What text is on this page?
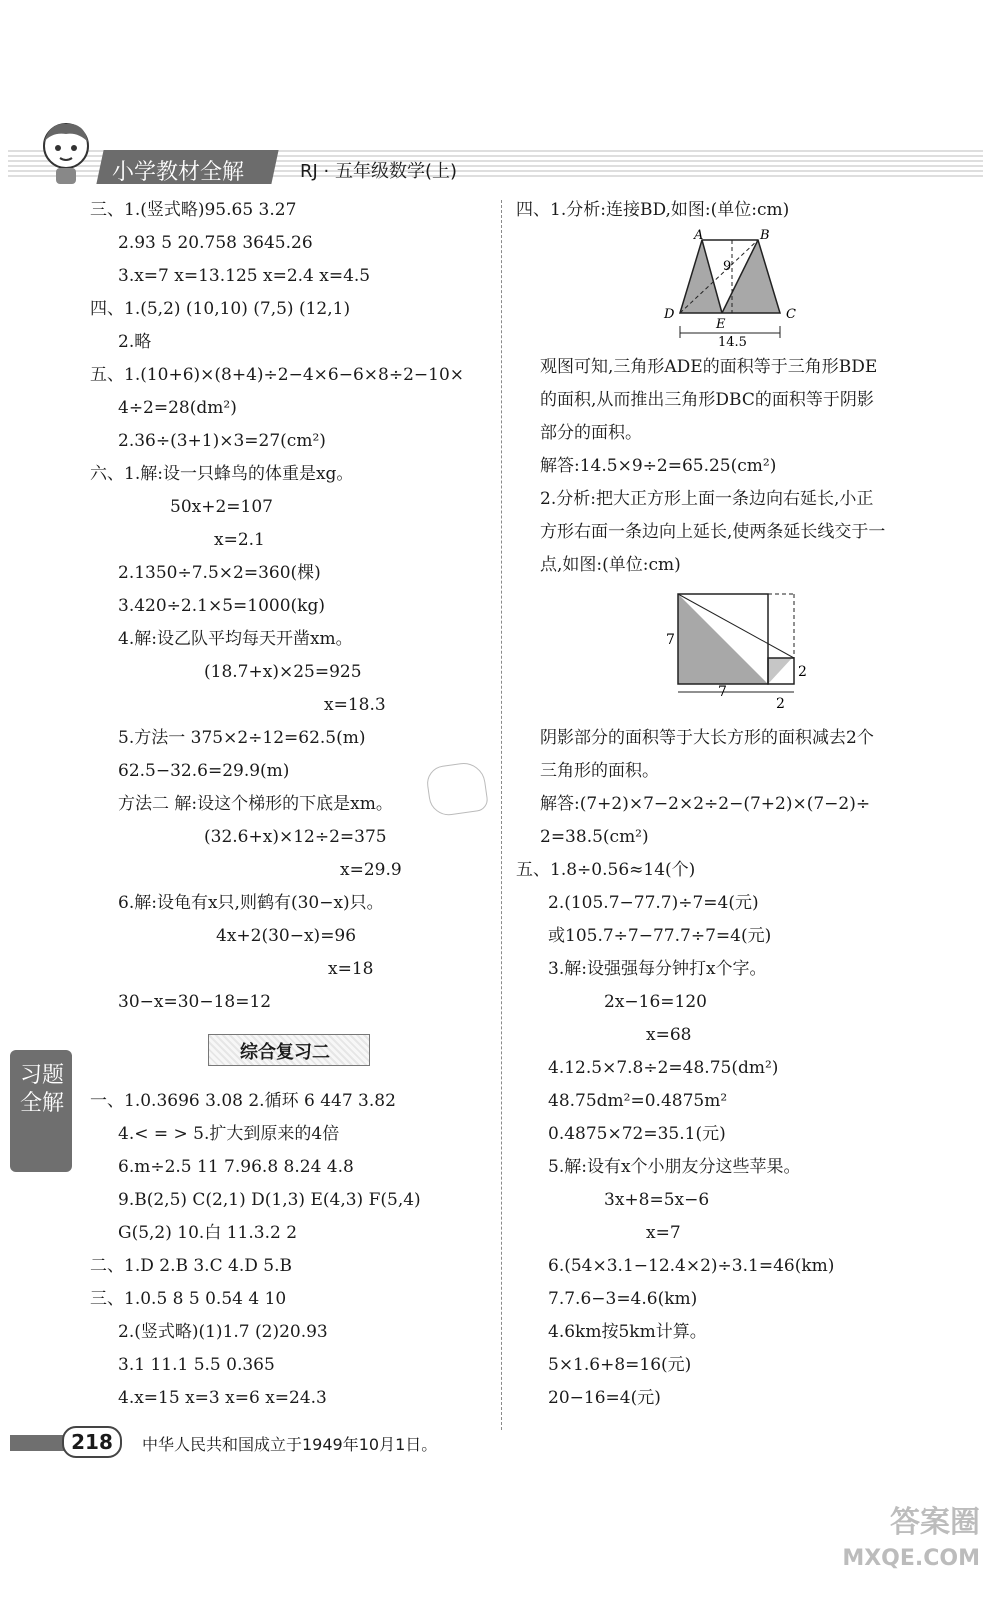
小学教材全解	RJ · 五年级数学(上)
三、1.(竖式略)95.65 3.27
2.93 5 20.758 3645.26
3.x=7 x=13.125 x=2.4 x=4.5
四、1.(5,2) (10,10) (7,5) (12,1)
2.略
五、1.(10+6)×(8+4)÷2−4×6−6×8÷2−10×
4÷2=28(dm²)
2.36÷(3+1)×3=27(cm²)
六、1.解:设一只蜂鸟的体重是xg。
50x+2=107
x=2.1
2.1350÷7.5×2=360(棵)
3.420÷2.1×5=1000(kg)
4.解:设乙队平均每天开凿xm。
(18.7+x)×25=925
x=18.3
5.方法一 375×2÷12=62.5(m)
62.5−32.6=29.9(m)
方法二 解:设这个梯形的下底是xm。
(32.6+x)×12÷2=375
x=29.9
6.解:设龟有x只,则鹤有(30−x)只。
4x+2(30−x)=96
x=18
30−x=30−18=12
综合复习二
一、1.0.3696 3.08 2.循环 6 447 3.82
4.< = > 5.扩大到原来的4倍
6.m÷2.5 11 7.96.8 8.24 4.8
9.B(2,5) C(2,1) D(1,3) E(4,3) F(5,4)
G(5,2) 10.白 11.3.2 2
二、1.D 2.B 3.C 4.D 5.B
三、1.0.5 8 5 0.54 4 10
2.(竖式略)(1)1.7 (2)20.93
3.1 11.1 5.5 0.365
4.x=15 x=3 x=6 x=24.3
习题全解
四、1.分析:连接BD,如图:(单位:cm)
A	B
C
D
E
9
14.5
观图可知,三角形ADE的面积等于三角形BDE
的面积,从而推出三角形DBC的面积等于阴影
部分的面积。
解答:14.5×9÷2=65.25(cm²)
2.分析:把大正方形上面一条边向右延长,小正
方形右面一条边向上延长,使两条延长线交于一
点,如图:(单位:cm)
7
7
2
2
阴影部分的面积等于大长方形的面积减去2个
三角形的面积。
解答:(7+2)×7−2×2÷2−(7+2)×(7−2)÷
2=38.5(cm²)
五、1.8÷0.56≈14(个)
2.(105.7−77.7)÷7=4(元)
或105.7÷7−77.7÷7=4(元)
3.解:设强强每分钟打x个字。
2x−16=120
x=68
4.12.5×7.8÷2=48.75(dm²)
48.75dm²=0.4875m²
0.4875×72=35.1(元)
5.解:设有x个小朋友分这些苹果。
3x+8=5x−6
x=7
6.(54×3.1−12.4×2)÷3.1=46(km)
7.7.6−3=4.6(km)
4.6km按5km计算。
5×1.6+8=16(元)
20−16=4(元)
218	中华人民共和国成立于1949年10月1日。
答案圈
MXQE.COM
